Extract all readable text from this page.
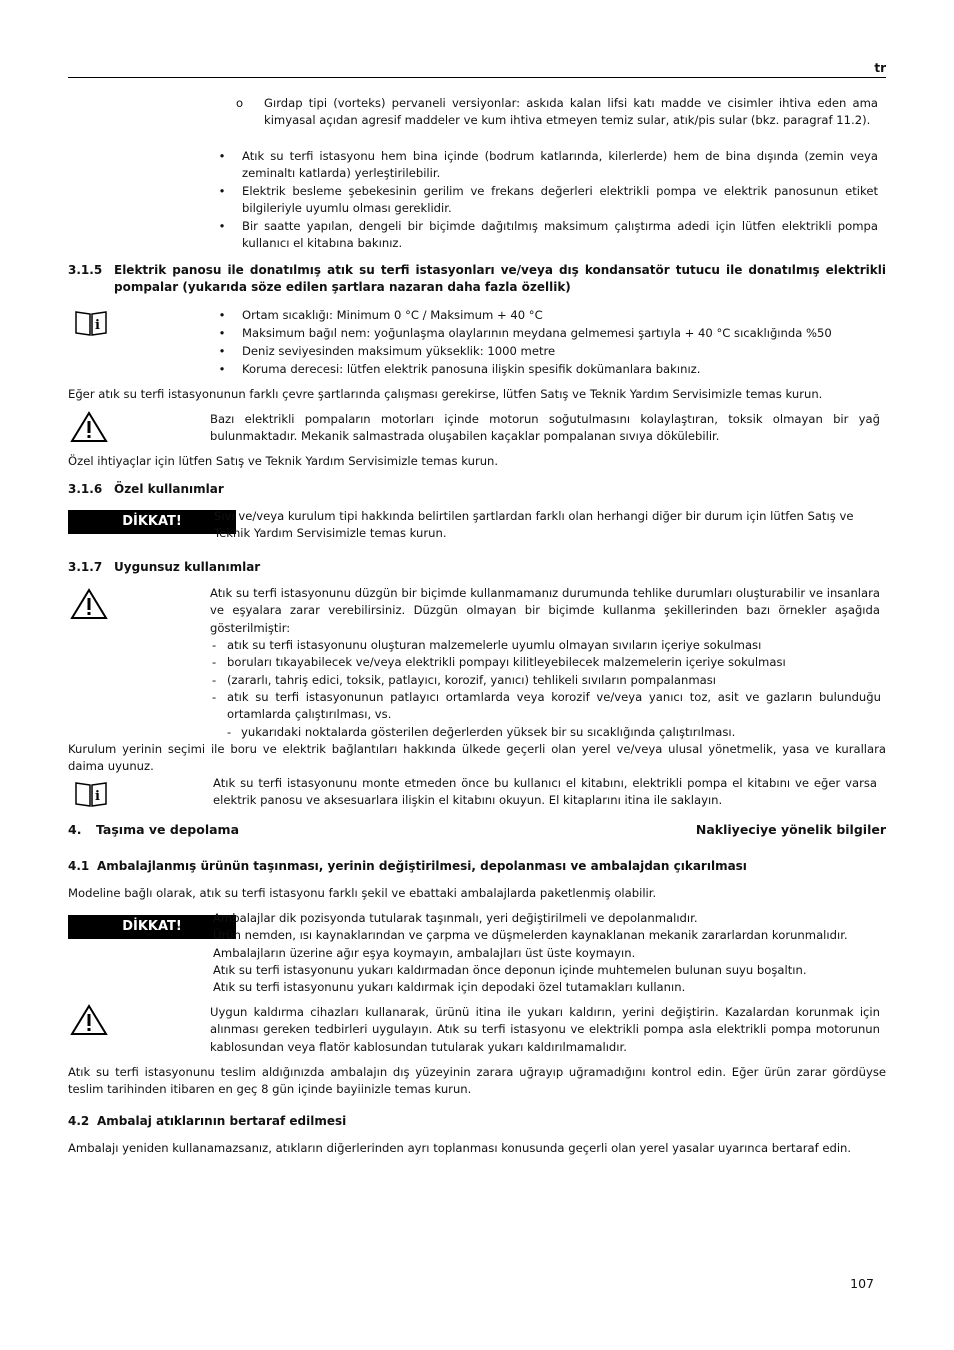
tr
o Gırdap tipi (vorteks) pervaneli versiyonlar: askıda kalan lifsi katı madde ve cisimler ihtiva eden ama kimyasal açıdan agresif maddeler ve kum ihtiva etmeyen temiz sular, atık/pis sular (bkz. paragraf 11.2).
•	Atık su terfi istasyonu hem bina içinde (bodrum katlarında, kilerlerde) hem de bina dışında (zemin veya zeminaltı katlarda) yerleştirilebilir.
•	Elektrik besleme şebekesinin gerilim ve frekans değerleri elektrikli pompa ve elektrik panosunun etiket bilgileriyle uyumlu olması gereklidir.
•	Bir saatte yapılan, dengeli bir biçimde dağıtılmış maksimum çalıştırma adedi için lütfen elektrikli pompa kullanıcı el kitabına bakınız.
3.1.5 Elektrik panosu ile donatılmış atık su terfi istasyonları ve/veya dış kondansatör tutucu ile donatılmış elektrikli pompalar (yukarıda söze edilen şartlara nazaran daha fazla özellik)
i
•	Ortam sıcaklığı: Minimum 0 °C / Maksimum + 40 °C
•	Maksimum bağıl nem: yoğunlaşma olaylarının meydana gelmemesi şartıyla + 40 °C sıcaklığında %50
•	Deniz seviyesinden maksimum yükseklik: 1000 metre
•	Koruma derecesi: lütfen elektrik panosuna ilişkin spesifik dokümanlara bakınız.
Eğer atık su terfi istasyonunun farklı çevre şartlarında çalışması gerekirse, lütfen Satış ve Teknik Yardım Servisimizle temas kurun.
Bazı elektrikli pompaların motorları içinde motorun soğutulmasını kolaylaştıran, toksik olmayan bir yağ bulunmaktadır. Mekanik salmastrada oluşabilen kaçaklar pompalanan sıvıya dökülebilir.
Özel ihtiyaçlar için lütfen Satış ve Teknik Yardım Servisimizle temas kurun.
3.1.6 Özel kullanımlar
DİKKAT!	Sıvı ve/veya kurulum tipi hakkında belirtilen şartlardan farklı olan herhangi diğer bir durum için lütfen Satış ve Teknik Yardım Servisimizle temas kurun.
3.1.7 Uygunsuz kullanımlar
Atık su terfi istasyonunu düzgün bir biçimde kullanmamanız durumunda tehlike durumları oluşturabilir ve insanlara ve eşyalara zarar verebilirsiniz. Düzgün olmayan bir biçimde kullanma şekillerinden bazı örnekler aşağıda gösterilmiştir:
- atık su terfi istasyonunu oluşturan malzemelerle uyumlu olmayan sıvıların içeriye sokulması
- boruları tıkayabilecek ve/veya elektrikli pompayı kilitleyebilecek malzemelerin içeriye sokulması
- (zararlı, tahriş edici, toksik, patlayıcı, korozif, yanıcı) tehlikeli sıvıların pompalanması
- atık su terfi istasyonunun patlayıcı ortamlarda veya korozif ve/veya yanıcı toz, asit ve gazların bulunduğu ortamlarda çalıştırılması, vs.
- yukarıdaki noktalarda gösterilen değerlerden yüksek bir su sıcaklığında çalıştırılması.
Kurulum yerinin seçimi ile boru ve elektrik bağlantıları hakkında ülkede geçerli olan yerel ve/veya ulusal yönetmelik, yasa ve kurallara daima uyunuz.
i
Atık su terfi istasyonunu monte etmeden önce bu kullanıcı el kitabını, elektrikli pompa el kitabını ve eğer varsa elektrik panosu ve aksesuarlara ilişkin el kitabını okuyun. El kitaplarını itina ile saklayın.
4. Taşıma ve depolama	Nakliyeciye yönelik bilgiler
4.1 Ambalajlanmış ürünün taşınması, yerinin değiştirilmesi, depolanması ve ambalajdan çıkarılması
Modeline bağlı olarak, atık su terfi istasyonu farklı şekil ve ebattaki ambalajlarda paketlenmiş olabilir.
DİKKAT!
Ambalajlar dik pozisyonda tutularak taşınmalı, yeri değiştirilmeli ve depolanmalıdır.
Ürün nemden, ısı kaynaklarından ve çarpma ve düşmelerden kaynaklanan mekanik zararlardan korunmalıdır.
Ambalajların üzerine ağır eşya koymayın, ambalajları üst üste koymayın.
Atık su terfi istasyonunu yukarı kaldırmadan önce deponun içinde muhtemelen bulunan suyu boşaltın.
Atık su terfi istasyonunu yukarı kaldırmak için depodaki özel tutamakları kullanın.
Uygun kaldırma cihazları kullanarak, ürünü itina ile yukarı kaldırın, yerini değiştirin. Kazalardan korunmak için alınması gereken tedbirleri uygulayın. Atık su terfi istasyonu ve elektrikli pompa asla elektrikli pompa motorunun kablosundan veya flatör kablosundan tutularak yukarı kaldırılmamalıdır.
Atık su terfi istasyonunu teslim aldığınızda ambalajın dış yüzeyinin zarara uğrayıp uğramadığını kontrol edin. Eğer ürün zarar gördüyse teslim tarihinden itibaren en geç 8 gün içinde bayiinizle temas kurun.
4.2 Ambalaj atıklarının bertaraf edilmesi
Ambalajı yeniden kullanamazsanız, atıkların diğerlerinden ayrı toplanması konusunda geçerli olan yerel yasalar uyarınca bertaraf edin.
107
